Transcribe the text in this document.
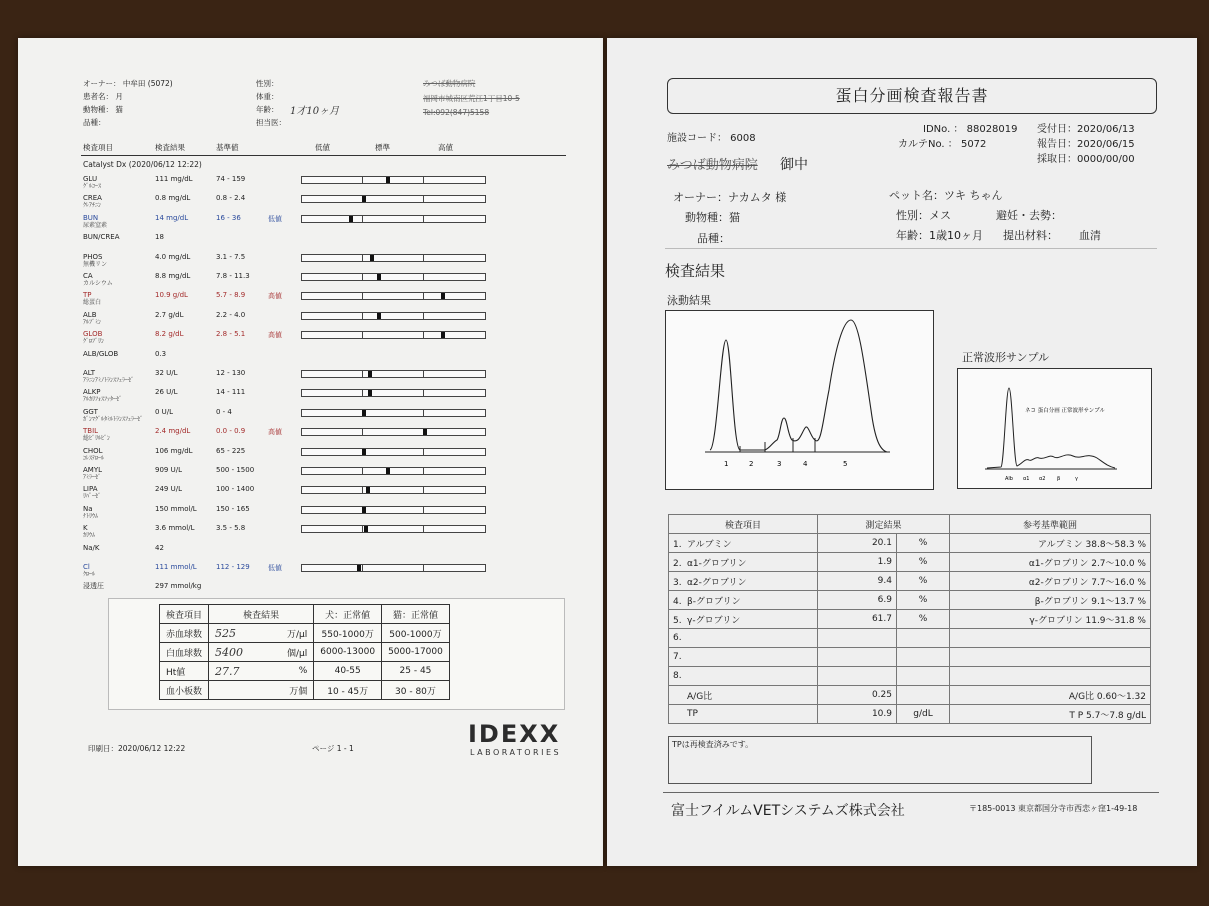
オーナー： 中牟田 (5072)
患者名： 月
動物種： 猫
品種：
性別：
体重：
年齢： 1才10ヶ月
担当医：
みつば動物病院
福岡市城南区荒江1丁目10-5
Tel:092(847)5158
検査項目	検査結果	基準値	低値	標準	高値
Catalyst Dx (2020/06/12 12:22)
GLU
ｸﾞﾙｺｰｽ
111 mg/dL	74 - 159
CREA
ｸﾚｱﾁﾆﾝ
0.8 mg/dL	0.8 - 2.4
BUN
尿素窒素
14 mg/dL	16 - 36	低値
BUN/CREA	18
PHOS
無機リン
4.0 mg/dL	3.1 - 7.5
CA
カルシウム
8.8 mg/dL	7.8 - 11.3
TP
総蛋白
10.9 g/dL	5.7 - 8.9	高値
ALB
ｱﾙﾌﾞﾐﾝ
2.7 g/dL	2.2 - 4.0
GLOB
ｸﾞﾛﾌﾞﾘﾝ
8.2 g/dL	2.8 - 5.1	高値
ALB/GLOB	0.3
ALT
ｱﾗﾆﾝｱﾐﾉﾄﾗﾝｽﾌｪﾗｰｾﾞ
32 U/L	12 - 130
ALKP
ｱﾙｶﾘﾌｫｽﾌｧﾀｰｾﾞ
26 U/L	14 - 111
GGT
ｶﾞﾝﾏｸﾞﾙﾀﾐﾙﾄﾗﾝｽﾌｪﾗｰｾﾞ
0 U/L	0 - 4
TBIL
総ﾋﾞﾘﾙﾋﾞﾝ
2.4 mg/dL	0.0 - 0.9	高値
CHOL
ｺﾚｽﾃﾛｰﾙ
106 mg/dL	65 - 225
AMYL
ｱﾐﾗｰｾﾞ
909 U/L	500 - 1500
LIPA
ﾘﾊﾟｰｾﾞ
249 U/L	100 - 1400
Na
ﾅﾄﾘｳﾑ
150 mmol/L	150 - 165
K
ｶﾘｳﾑ
3.6 mmol/L	3.5 - 5.8
Na/K	42
Cl
ｸﾛｰﾙ
111 mmol/L	112 - 129	低値
浸透圧	297 mmol/kg
検査項目	検査結果		犬：正常値	猫：正常値
赤血球数	525	万/µl	550-1000万	500-1000万
白血球数	5400	個/µl	6000-13000	5000-17000
Ht値	27.7	%	40-55	25 - 45
血小板数		万個	10 - 45万	30 - 80万
IDEXX
LABORATORIES
印刷日：2020/06/12 12:22	ページ 1 - 1
蛋白分画検査報告書
施設コード： 6008
IDNo. ： 88028019
カルテNo. ： 5072
受付日：2020/06/13
報告日：2020/06/15
採取日：0000/00/00
みつば動物病院 御中
オーナー：ナカムタ 様
動物種：猫
品種：
ペット名：ツキ ちゃん
性別：メス	避妊・去勢：
年齢：1歳10ヶ月 提出材料： 血清
検査結果
泳動結果
1	2	3	4	5
正常波形サンプル
ネコ 蛋白分画 正常波形サンプル
Alb α1 α2 β	γ
検査項目	測定結果		参考基準範囲
1. アルブミン	20.1	%	アルブミン 38.8～58.3 %
2. α1-グロブリン	1.9	%	α1-グロブリン 2.7～10.0 %
3. α2-グロブリン	9.4	%	α2-グロブリン 7.7～16.0 %
4. β-グロブリン	6.9	%	β-グロブリン 9.1～13.7 %
5. γ-グロブリン	61.7	%	γ-グロブリン 11.9～31.8 %
6.			
7.			
8.			
A/G比	0.25		A/G比 0.60～1.32
TP	10.9	g/dL	T P 5.7～7.8 g/dL
TPは再検査済みです。
富士フイルムVETシステムズ株式会社	〒185-0013 東京都国分寺市西恋ヶ窪1-49-18
